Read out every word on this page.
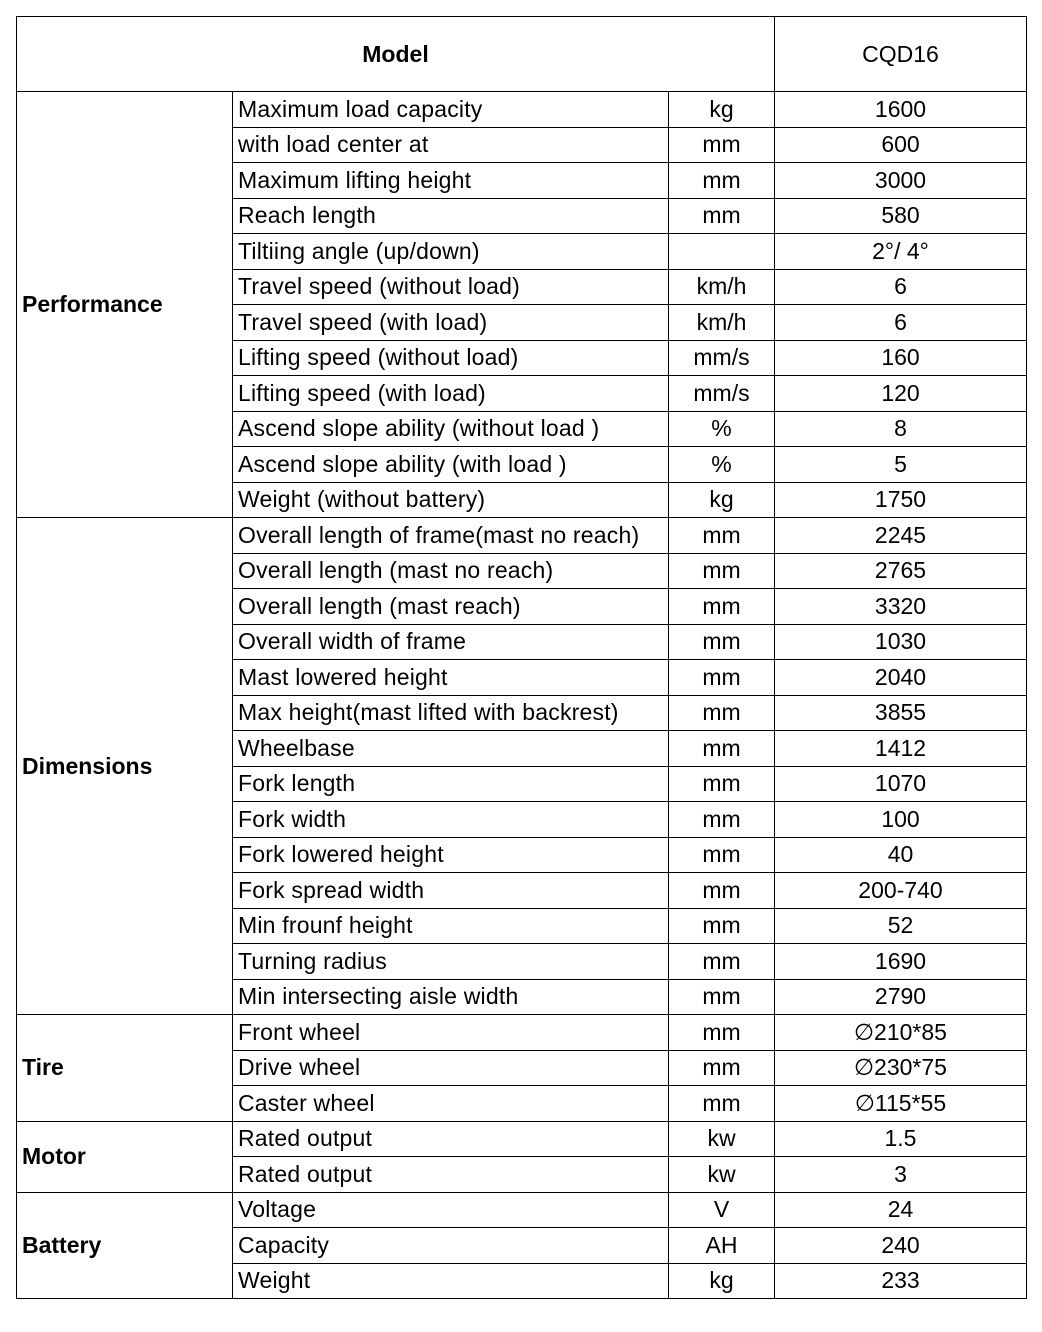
Model			CQD16
Performance	Maximum load capacity	kg	1600
	with load center at	mm	600
	Maximum lifting height	mm	3000
	Reach length	mm	580
	Tiltiing angle (up/down)		2°/ 4°
	Travel speed (without load)	km/h	6
	Travel speed (with load)	km/h	6
	Lifting speed (without load)	mm/s	160
	Lifting speed (with load)	mm/s	120
	Ascend slope ability (without load )	%	8
	Ascend slope ability (with load )	%	5
	Weight (without battery)	kg	1750
Dimensions	Overall length of frame(mast no reach)	mm	2245
	Overall length (mast no reach)	mm	2765
	Overall length (mast reach)	mm	3320
	Overall width of frame	mm	1030
	Mast lowered height	mm	2040
	Max height(mast lifted with backrest)	mm	3855
	Wheelbase	mm	1412
	Fork length	mm	1070
	Fork width	mm	100
	Fork lowered height	mm	40
	Fork spread width	mm	200-740
	Min frounf height	mm	52
	Turning radius	mm	1690
	Min intersecting aisle width	mm	2790
Tire	Front wheel	mm	∅210*85
	Drive wheel	mm	∅230*75
	Caster wheel	mm	∅115*55
Motor	Rated output	kw	1.5
	Rated output	kw	3
Battery	Voltage	V	24
	Capacity	AH	240
	Weight	kg	233
